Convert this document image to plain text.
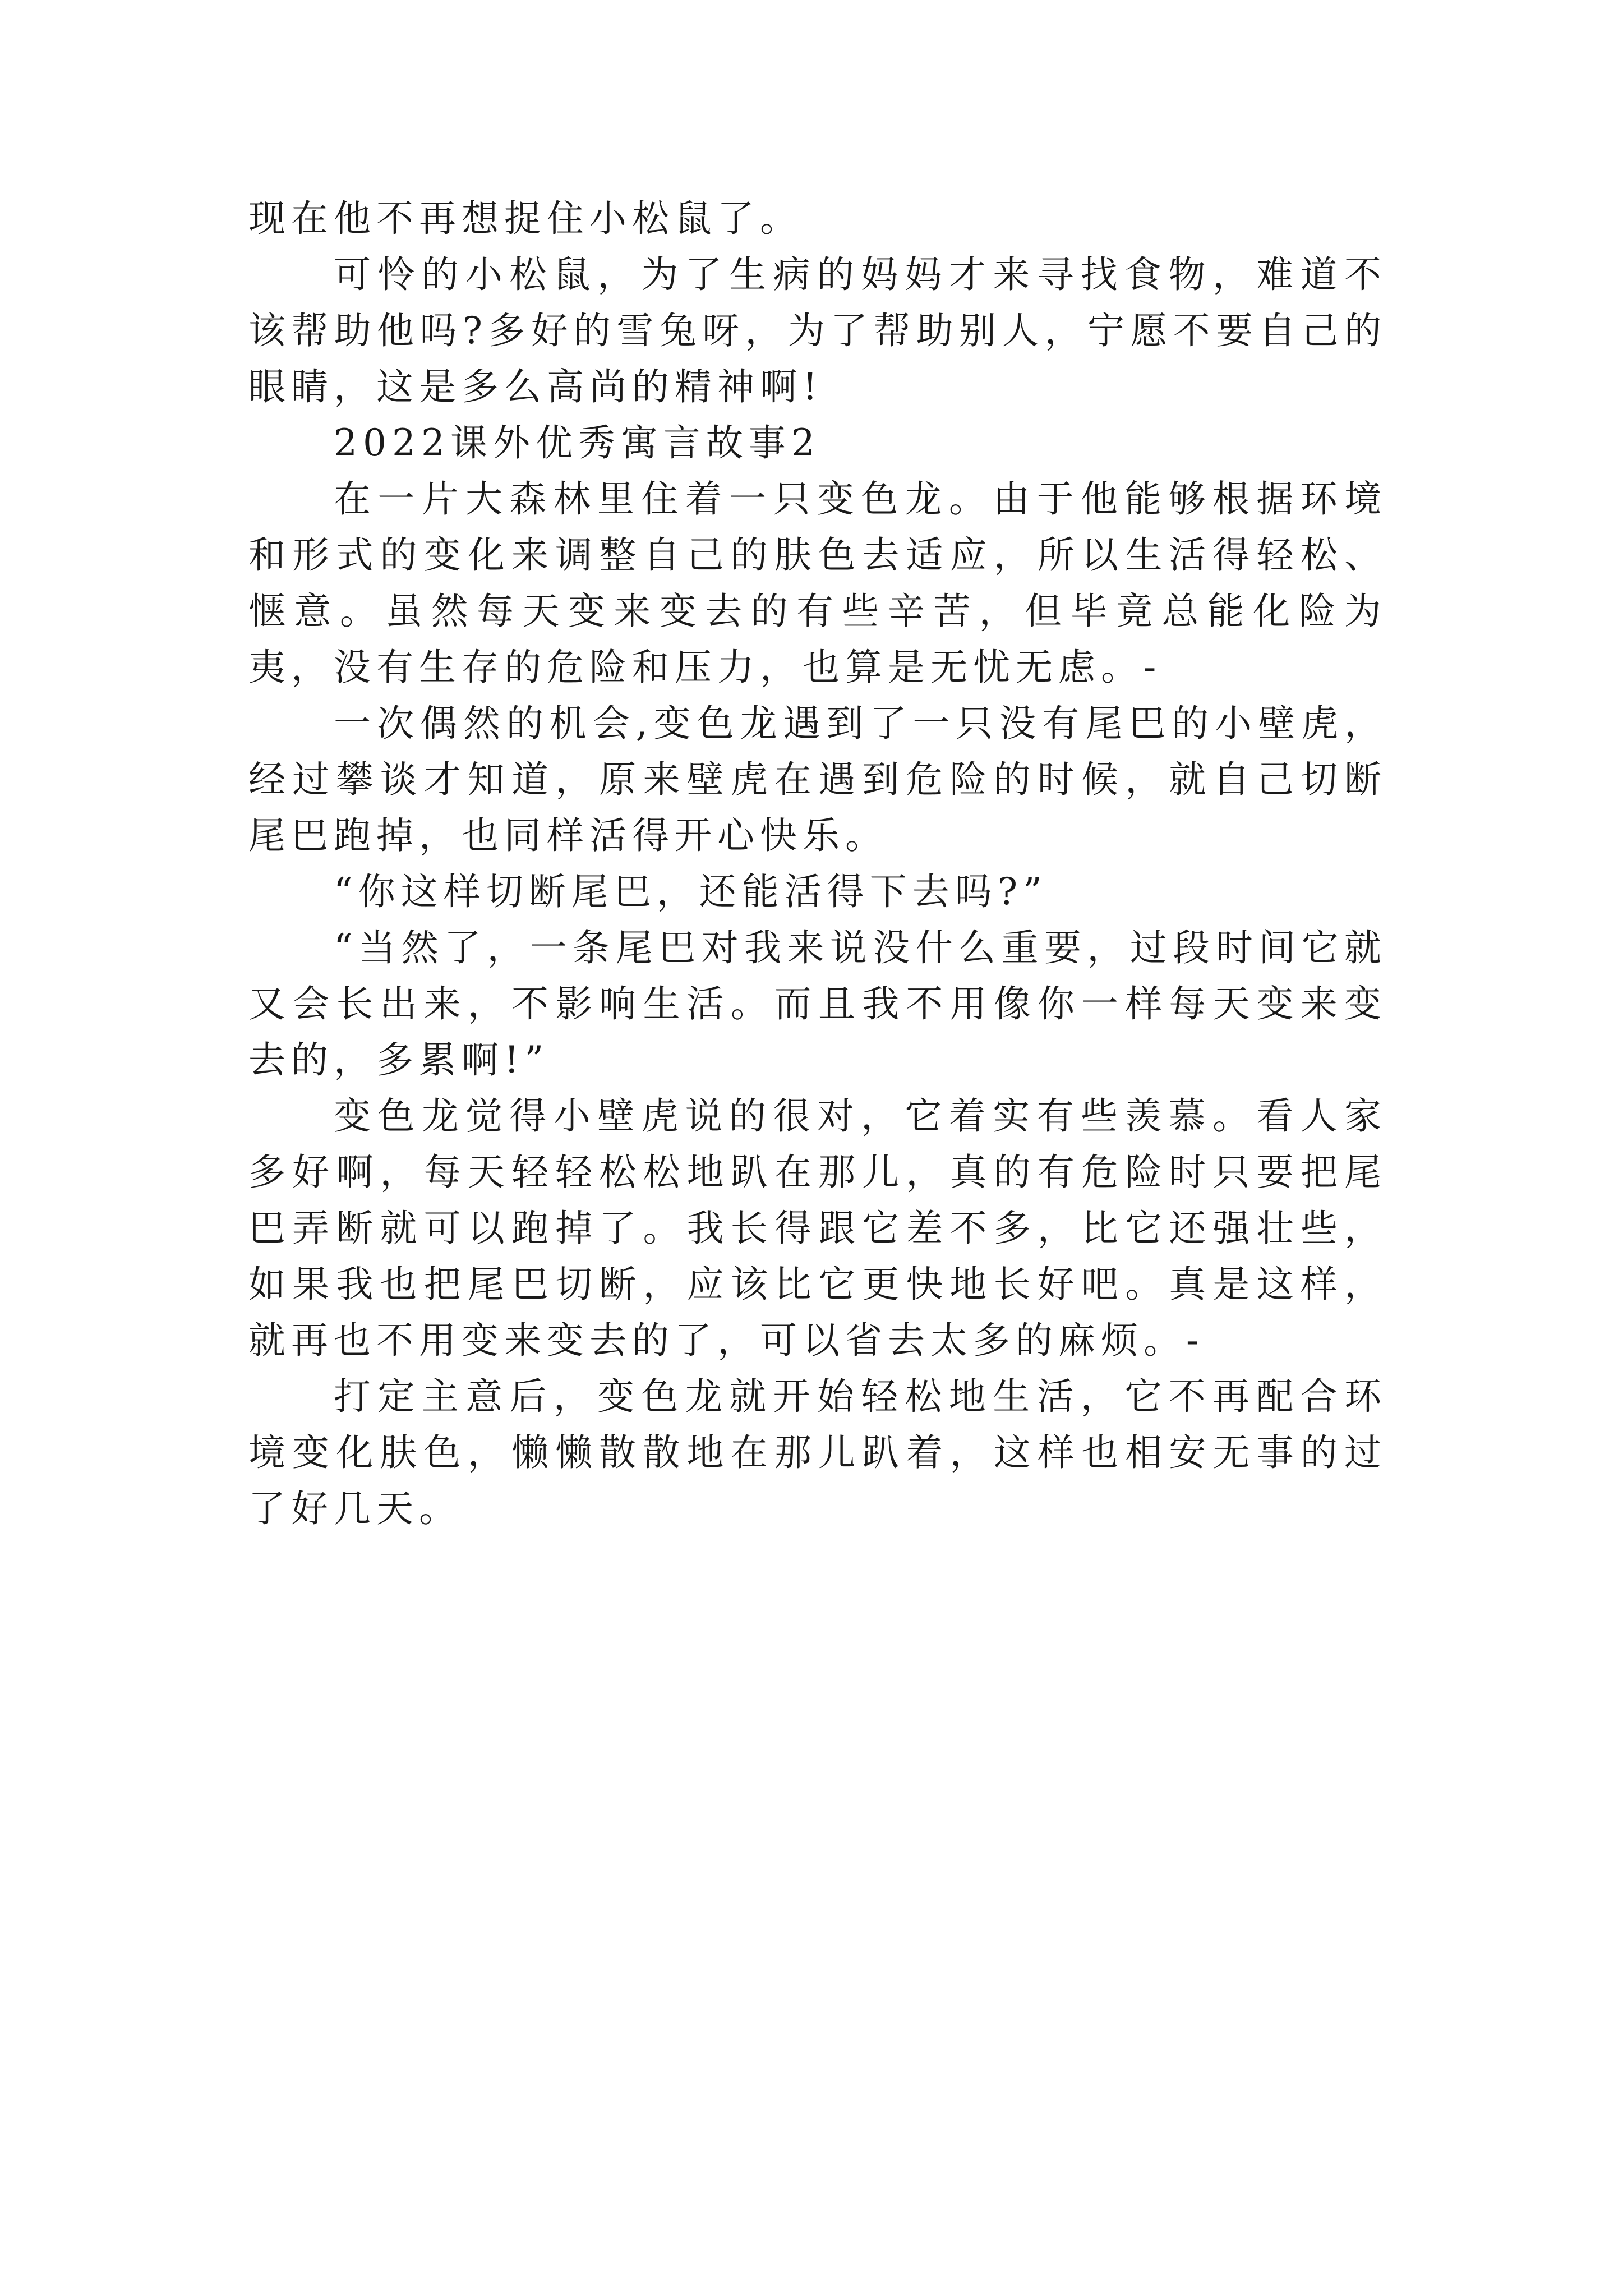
现在他不再想捉住小松鼠了。

可怜的小松鼠，为了生病的妈妈才来寻找食物，难道不该帮助他吗?多好的雪兔呀，为了帮助别人，宁愿不要自己的眼睛，这是多么高尚的精神啊!

2022课外优秀寓言故事2

在一片大森林里住着一只变色龙。由于他能够根据环境和形式的变化来调整自己的肤色去适应，所以生活得轻松、惬意。虽然每天变来变去的有些辛苦，但毕竟总能化险为夷，没有生存的危险和压力，也算是无忧无虑。-

一次偶然的机会,变色龙遇到了一只没有尾巴的小壁虎，经过攀谈才知道，原来壁虎在遇到危险的时候，就自己切断尾巴跑掉，也同样活得开心快乐。

“你这样切断尾巴，还能活得下去吗?”

“当然了，一条尾巴对我来说没什么重要，过段时间它就又会长出来，不影响生活。而且我不用像你一样每天变来变去的，多累啊!”

变色龙觉得小壁虎说的很对，它着实有些羡慕。看人家多好啊，每天轻轻松松地趴在那儿，真的有危险时只要把尾巴弄断就可以跑掉了。我长得跟它差不多，比它还强壮些，如果我也把尾巴切断，应该比它更快地长好吧。真是这样，就再也不用变来变去的了，可以省去太多的麻烦。-

打定主意后，变色龙就开始轻松地生活，它不再配合环境变化肤色，懒懒散散地在那儿趴着，这样也相安无事的过了好几天。
